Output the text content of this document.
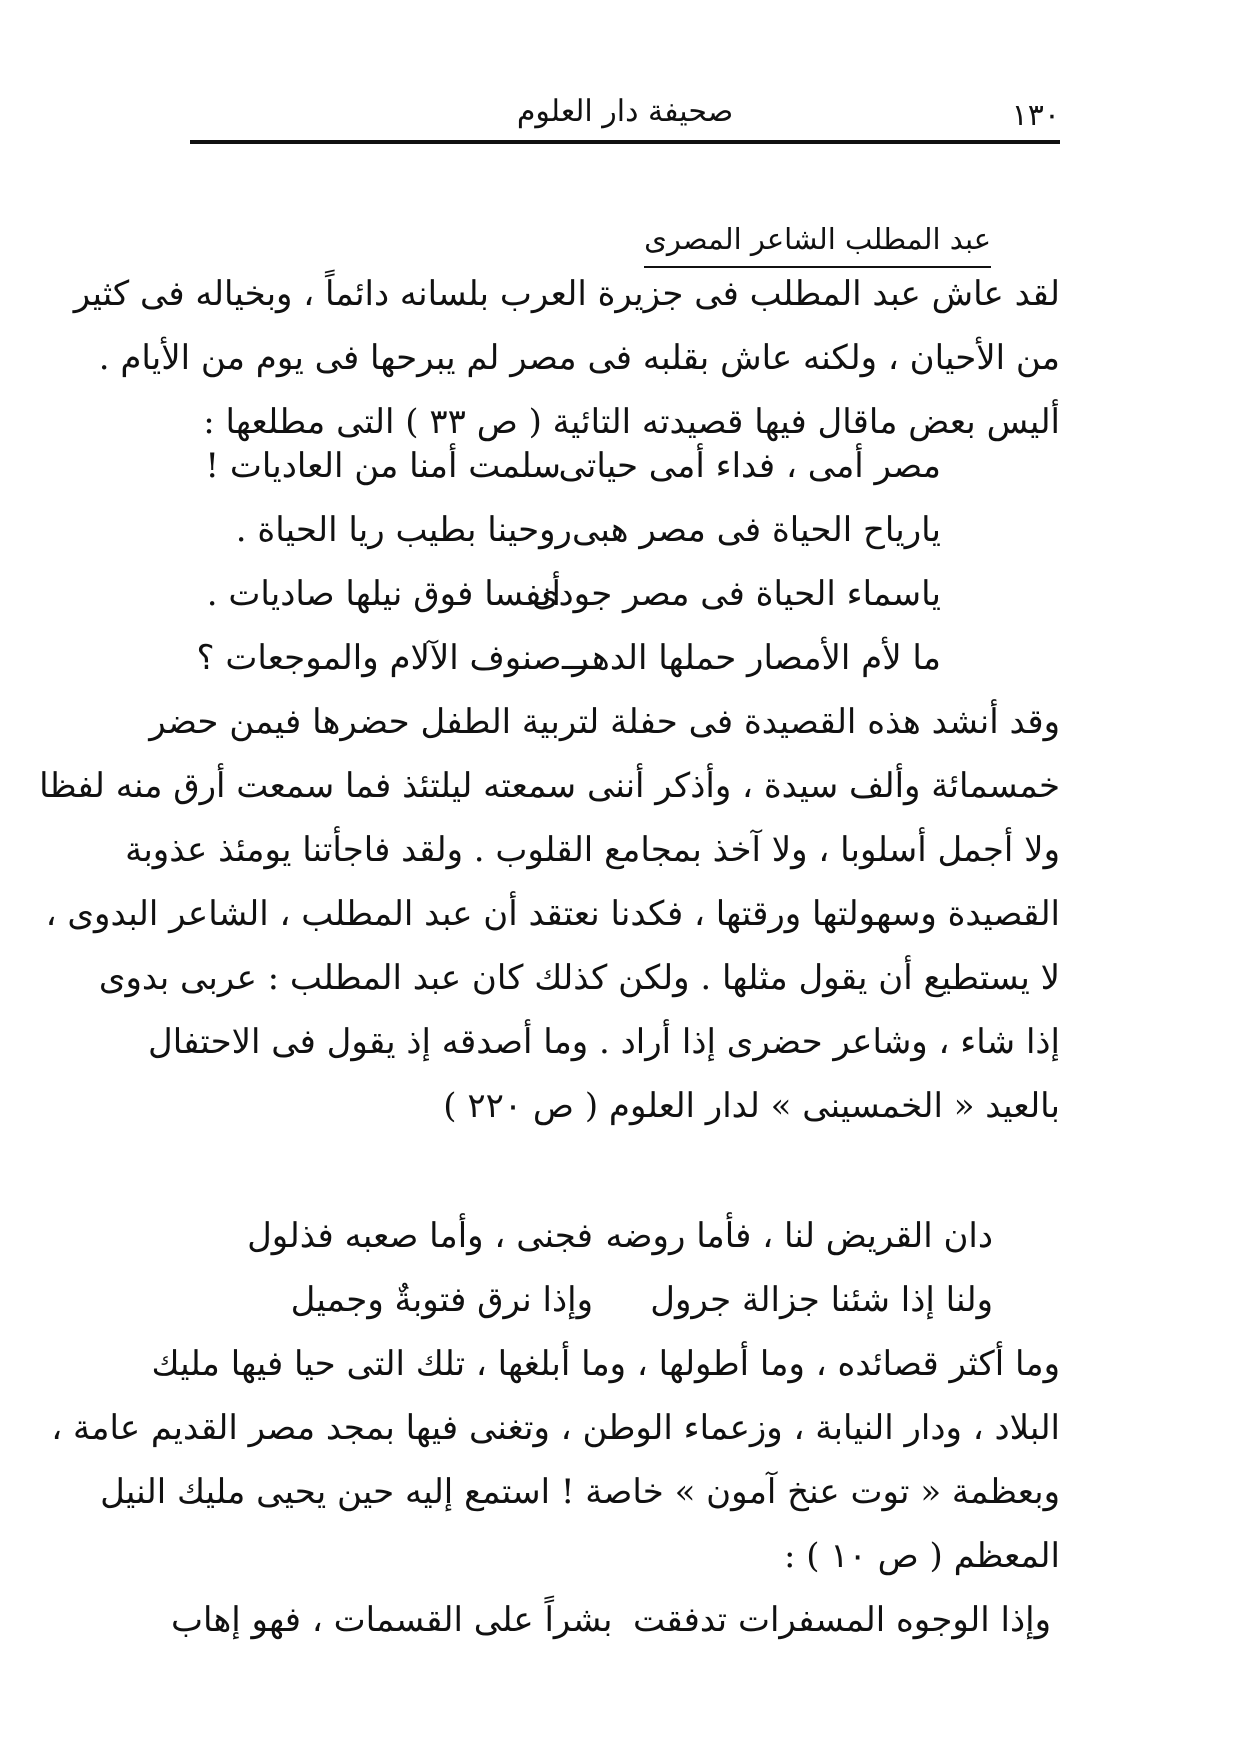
صحيفة دار العلوم	١٣٠
عبد المطلب الشاعر المصرى
لقد عاش عبد المطلب فى جزيرة العرب بلسانه دائماً ، وبخياله فى كثير
من الأحيان ، ولكنه عاش بقلبه فى مصر لم يبرحها فى يوم من الأيام .
أليس بعض ماقال فيها قصيدته التائية ( ص ٣٣ ) التى مطلعها :
مصر أمى ، فداء أمى حياتى .
سلمت أمنا من العاديات !
يارياح الحياة فى مصر هبى
روحينا بطيب ريا الحياة .
ياسماء الحياة فى مصر جودى
أنفسا فوق نيلها صاديات .
ما لأم الأمصار حملها الدهـــ
ـر صنوف الآلام والموجعات ؟
وقد أنشد هذه القصيدة فى حفلة لتربية الطفل حضرها فيمن حضر
خمسمائة وألف سيدة ، وأذكر أننى سمعته ليلتئذ فما سمعت أرق منه لفظا
ولا أجمل أسلوبا ، ولا آخذ بمجامع القلوب . ولقد فاجأتنا يومئذ عذوبة
القصيدة وسهولتها ورقتها ، فكدنا نعتقد أن عبد المطلب ، الشاعر البدوى ،
لا يستطيع أن يقول مثلها . ولكن كذلك كان عبد المطلب : عربى بدوى
إذا شاء ، وشاعر حضرى إذا أراد . وما أصدقه إذ يقول فى الاحتفال
بالعيد « الخمسينى » لدار العلوم ( ص ٢٢٠ )
دان القريض لنا ، فأما روضه
فجنى ، وأما صعبه فذلول
ولنا إذا شئنا جزالة جرول
وإذا نرق فتوبةٌ وجميل
وما أكثر قصائده ، وما أطولها ، وما أبلغها ، تلك التى حيا فيها مليك
البلاد ، ودار النيابة ، وزعماء الوطن ، وتغنى فيها بمجد مصر القديم عامة ،
وبعظمة « توت عنخ آمون » خاصة ! استمع إليه حين يحيى مليك النيل
المعظم ( ص ١٠ ) :
وإذا الوجوه المسفرات تدفقت
بشراً على القسمات ، فهو إهاب
